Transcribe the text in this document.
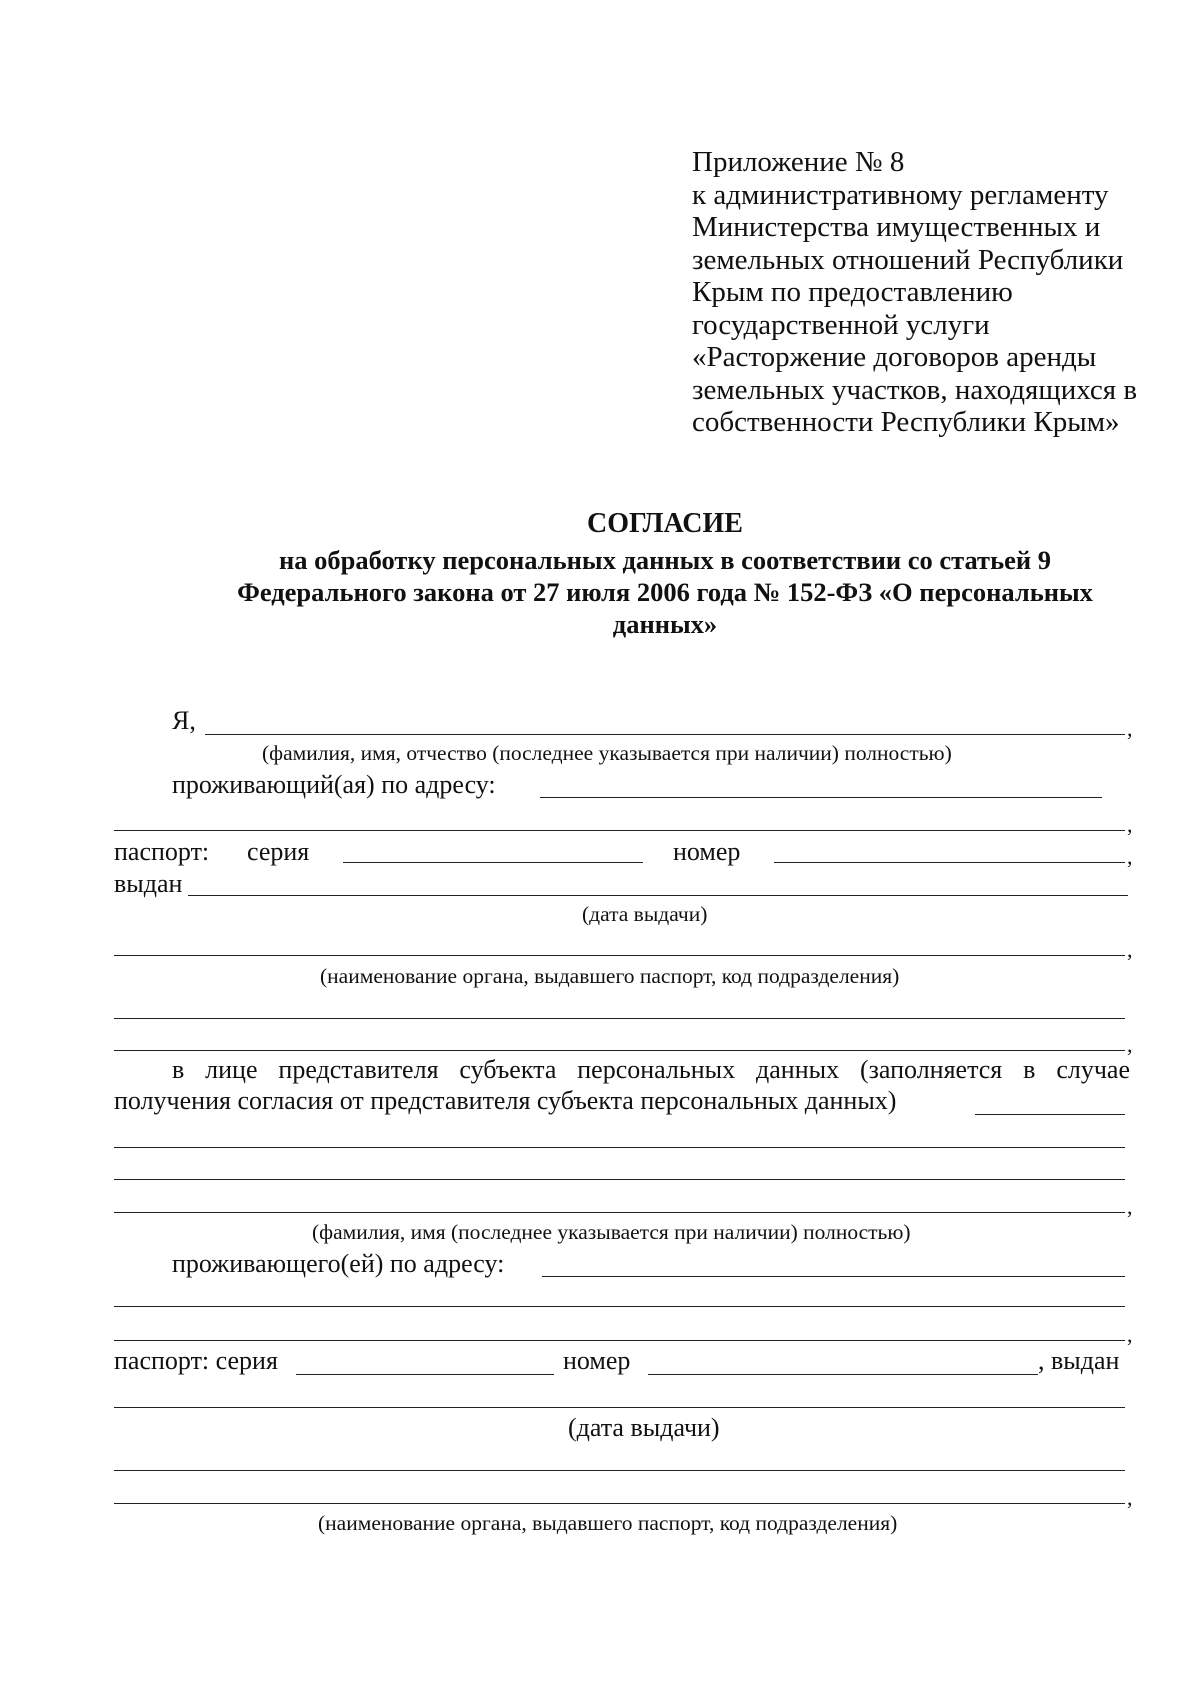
Приложение № 8
к административному регламенту
Министерства имущественных и
земельных отношений Республики
Крым по предоставлению
государственной услуги
«Расторжение договоров аренды
земельных участков, находящихся в
собственности Республики Крым»
СОГЛАСИЕ
на обработку персональных данных в соответствии со статьей 9
Федерального закона от 27 июля 2006 года № 152-ФЗ «О персональных
данных»
Я,	,
(фамилия, имя, отчество (последнее указывается при наличии) полностью)
проживающий(ая) по адресу:
,
паспорт: серия	номер	,
выдан
(дата выдачи)
,
(наименование органа, выдавшего паспорт, код подразделения)
,
в лице представителя субъекта персональных данных (заполняется в случае
получения согласия от представителя субъекта персональных данных)
,
(фамилия, имя (последнее указывается при наличии) полностью)
проживающего(ей) по адресу:
,
паспорт: серия	номер	, выдан
(дата выдачи)
,
(наименование органа, выдавшего паспорт, код подразделения)
